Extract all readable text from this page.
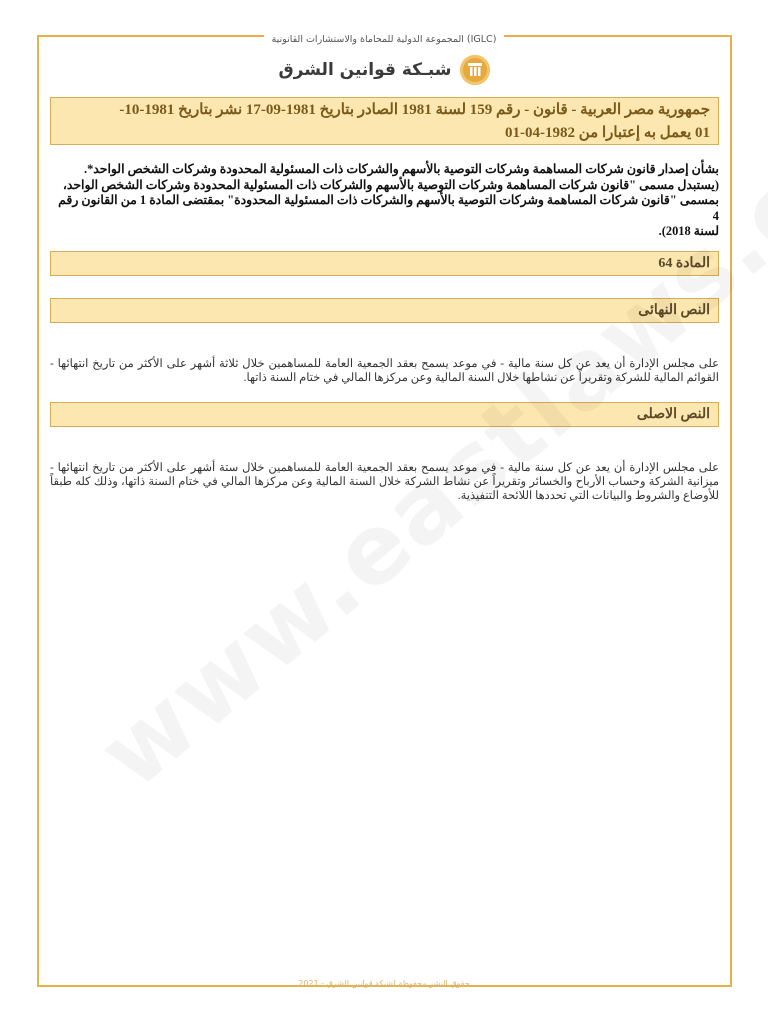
المجموعة الدولية للمحاماة والاستشارات القانونية (IGLC)
شبـكة قوانين الشرق
جمهورية مصر العربية - قانون - رقم 159 لسنة 1981 الصادر بتاريخ 1981-09-17 نشر بتاريخ 1981-10-
01 يعمل به إعتبارا من 1982-04-01
بشأن إصدار قانون شركات المساهمة وشركات التوصية بالأسهم والشركات ذات المسئولية المحدودة وشركات الشخص الواحد*.
(يستبدل مسمى "قانون شركات المساهمة وشركات التوصية بالأسهم والشركات ذات المسئولية المحدودة وشركات الشخص الواحد،
بمسمى "قانون شركات المساهمة وشركات التوصية بالأسهم والشركات ذات المسئولية المحدودة" بمقتضى المادة 1 من القانون رقم 4
لسنة 2018).
المادة 64
النص النهائى
على مجلس الإدارة أن يعد عن كل سنة مالية - في موعد يسمح بعقد الجمعية العامة للمساهمين خلال ثلاثة أشهر على الأكثر من تاريخ انتهائها - القوائم المالية للشركة وتقريراً عن نشاطها خلال السنة المالية وعن مركزها المالي في ختام السنة ذاتها.
النص الاصلى
على مجلس الإدارة أن يعد عن كل سنة مالية - في موعد يسمح بعقد الجمعية العامة للمساهمين خلال ستة أشهر على الأكثر من تاريخ انتهائها - ميزانية الشركة وحساب الأرباح والخسائر وتقريراً عن نشاط الشركة خلال السنة المالية وعن مركزها المالي في ختام السنة ذاتها، وذلك كله طبقاً للأوضاع والشروط والبيانات التي تحددها اللائحة التنفيذية.
حقوق النشر محفوظة لشبكة قوانين الشرق - 2021
